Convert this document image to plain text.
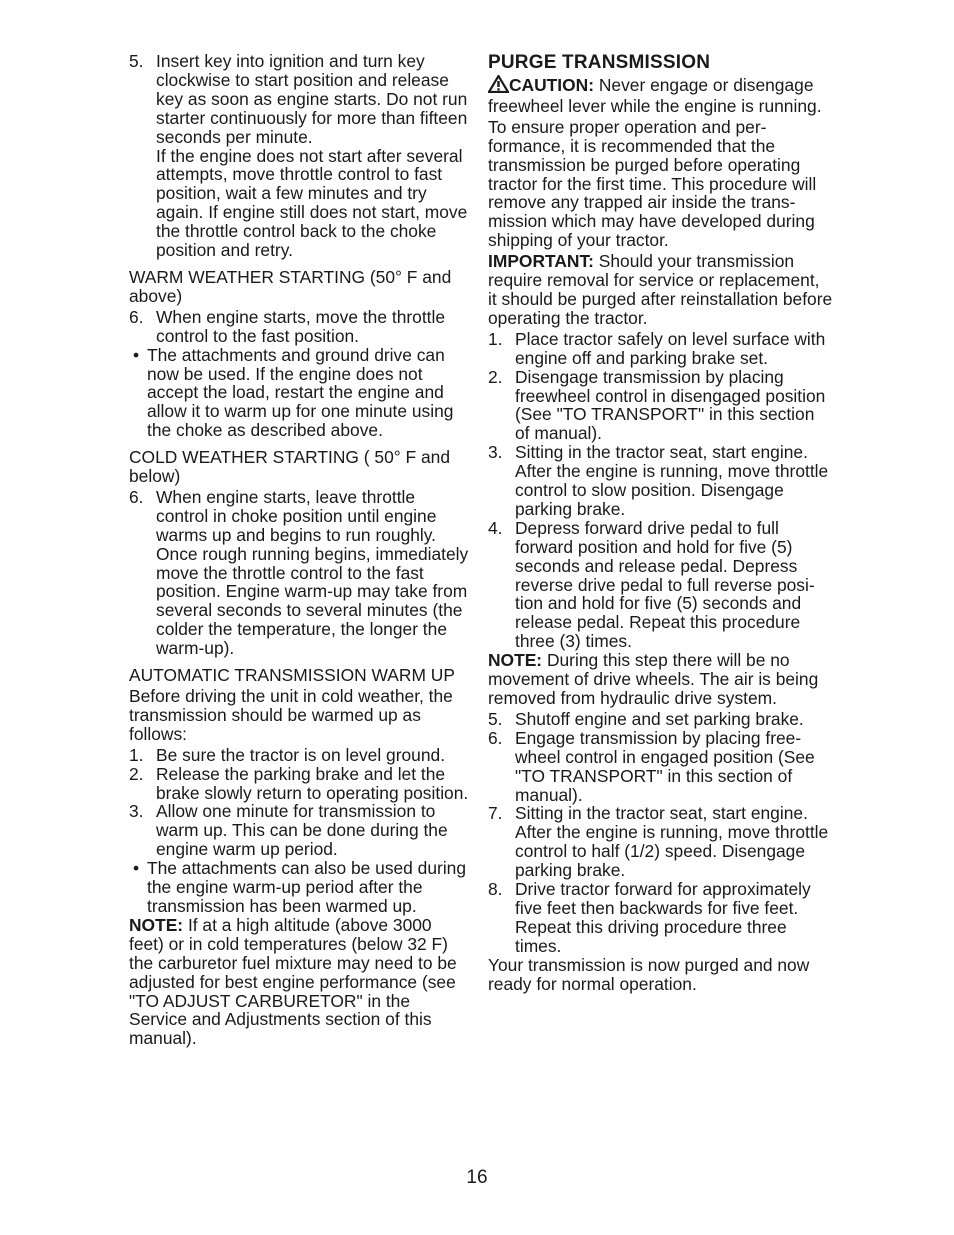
5. Insert key into ignition and turn key clockwise to start position and release key as soon as engine starts. Do not run starter continuously for more than fifteen seconds per minute.
If the engine does not start after several attempts, move throttle control to fast position, wait a few minutes and try again. If engine still does not start, move the throttle control back to the choke position and retry.

WARM WEATHER STARTING (50° F and above)

6. When engine starts, move the throttle control to the fast position.
• The attachments and ground drive can now be used. If the engine does not accept the load, restart the engine and allow it to warm up for one minute using the choke as described above.

COLD WEATHER STARTING ( 50° F and below)

6. When engine starts, leave throttle control in choke position until engine warms up and begins to run roughly. Once rough running begins, immediately move the throttle control to the fast position. Engine warm-up may take from several seconds to several minutes (the colder the temperature, the longer the warm-up).

AUTOMATIC TRANSMISSION WARM UP

Before driving the unit in cold weather, the transmission should be warmed up as follows:

1. Be sure the tractor is on level ground.
2. Release the parking brake and let the brake slowly return to operating position.
3. Allow one minute for transmission to warm up. This can be done during the engine warm up period.
• The attachments can also be used during the engine warm-up period after the transmission has been warmed up.

NOTE: If at a high altitude (above 3000 feet) or in cold temperatures (below 32 F) the carburetor fuel mixture may need to be adjusted for best engine performance (see "TO ADJUST CARBURETOR" in the Service and Adjustments section of this manual).

PURGE TRANSMISSION

CAUTION: Never engage or disengage freewheel lever while the engine is running.

To ensure proper operation and performance, it is recommended that the transmission be purged before operating tractor for the first time. This procedure will remove any trapped air inside the transmission which may have developed during shipping of your tractor.

IMPORTANT: Should your transmission require removal for service or replacement, it should be purged after reinstallation before operating the tractor.

1. Place tractor safely on level surface with engine off and parking brake set.
2. Disengage transmission by placing freewheel control in disengaged position (See "TO TRANSPORT" in this section of manual).
3. Sitting in the tractor seat, start engine. After the engine is running, move throttle control to slow position. Disengage parking brake.
4. Depress forward drive pedal to full forward position and hold for five (5) seconds and release pedal. Depress reverse drive pedal to full reverse position and hold for five (5) seconds and release pedal. Repeat this procedure three (3) times.

NOTE: During this step there will be no movement of drive wheels. The air is being removed from hydraulic drive system.

5. Shutoff engine and set parking brake.
6. Engage transmission by placing freewheel control in engaged position (See "TO TRANSPORT" in this section of manual).
7. Sitting in the tractor seat, start engine. After the engine is running, move throttle control to half (1/2) speed. Disengage parking brake.
8. Drive tractor forward for approximately five feet then backwards for five feet. Repeat this driving procedure three times.

Your transmission is now purged and now ready for normal operation.

16
